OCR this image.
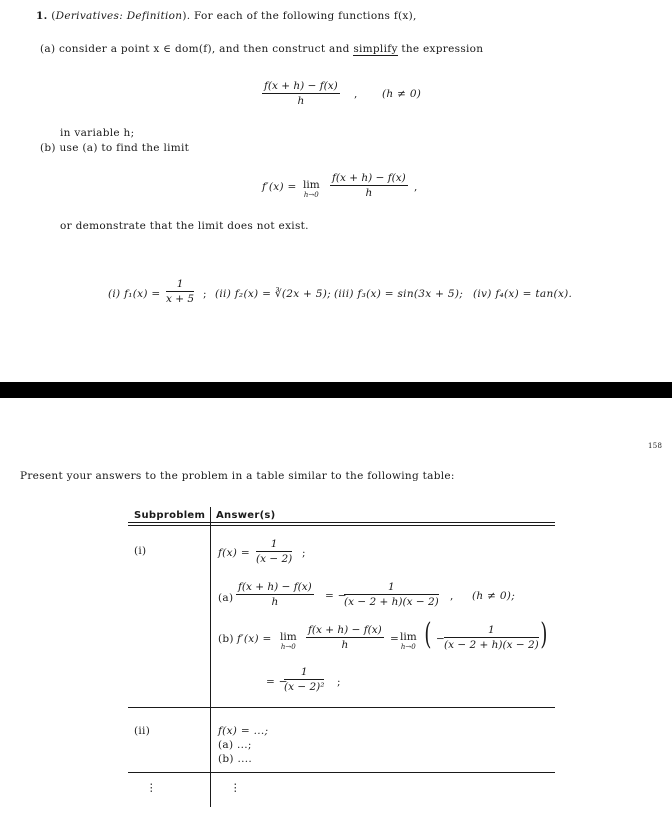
1. (Derivatives: Definition). For each of the following functions f(x),
(a) consider a point x ∈ dom(f), and then construct and simplify the expression
$\frac{f(x + h) - f(x)}{h}$ , (h ≠ 0)
in variable h;
(b) use (a) to find the limit
f′(x) = lim
$h\to 0 \frac{f(x + h) - f(x)}{h}$ ,
or demonstrate that the limit does not exist.
(i) $f_1(x) = \frac{1}{x + 5}$ ; (ii) f₂(x) = ∛(2x + 5); (iii) f₃(x) = sin(3x + 5); (iv) f₄(x) = tan(x).
158
Present your answers to the problem in a table similar to the following table:
Subproblem Answer(s)
(i)	$f(x) = \frac{1}{(x - 2)}$ ;
$(a) \frac{f(x + h) - f(x)}{h}$ = −
$\frac{1}{(x - 2 + h)(x - 2)}$ , (h ≠ 0);
(b) f′(x) = lim
$h\to 0 \frac{f(x + h) - f(x)}{h} = \lim$
h→0 ( −
$\frac{1}{(x - 2 + h)(x - 2)}$ )
= −
$\frac{1}{\text{(x − 2)²}}$ ;
(ii)	f(x) = ...;
(a) ...;
(b) ....
⋮	⋮
